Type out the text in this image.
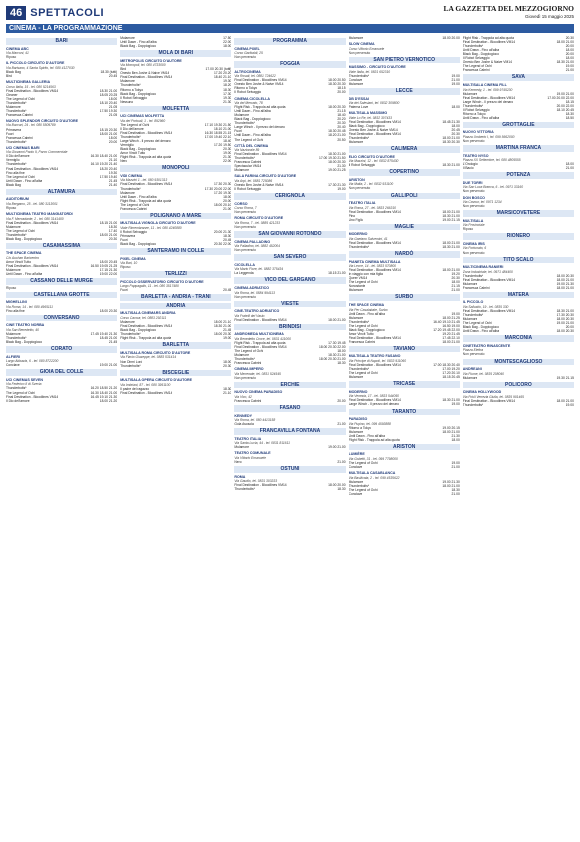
46 SPETTACOLI	LA GAZZETTA DEL MEZZOGIORNO
Giovedì 15 maggio 2025
CINEMA - LA PROGRAMMAZIONE
BARI
CINEMA ABC
Via Marconi, 41
Riposo
IL PICCOLO CIRCUITO D'AUTORE
Via Barisano, 4 Santa Spirito, tel. 080 4127030
Black Bag	18.30 (tutti)
Bird	20.45
MULTICINEMA GALLERIA
Corso Italia, 15 - tel. 080 5214563
Final Destination - Bloodlines VM14	18.30 21.00
Cleaner	18.05 20.25
The Legend of Ochi	18.00
Thunderbolts*	18.10 20.40
Mulamore	21.05
Thunderbolts*	17.50 19.30
Francesca Cabrini	21.05
NUOVO SPLENDOR CIRCUITO D'AUTORE
Via Buccari, 24 - tel. 080 5509789
Primavera	18.15 20.30
Fuori	18.00 21.00
Francesca Cabrini	18.00
Thunderbolts*	20.00
UCI CINEMAS BARI
Via Giovanni Paolo II, Parco Commerciale
Il Dio dell'amore	16.30 18.40 21.00
Vermiglio	21.10
Thunderbolts*	16.10 19.20 21.40
Final Destination - Bloodlines VM14	18.20 20.40
Fino alla fine	19.30
The Legend of Ochi	17.50 19.40
Until Dawn - Fino all'alba	21.45
Black Bag	21.40
ALTAMURA
AUDITORIUM
Via Bergamo, 25 - tel. 080 3113001
Riposo
MULTICINEMA TEATRO MANGIATORDI
Via F. Mercadante, 2 - tel. 080 3141400
Final Destination - Bloodlines VM14	18.15 21.00
Mulamore	18.30
The Legend of Ochi	17.40
Thunderbolts*	18.00 21.00
Black Bag - Doppiogioco	20.30
CASAMASSIMA
THE SPACE CINEMA
C/o Auchan Baricentro
Amor Vincit Tutto	18.00 20.45
Final Destination - Bloodlines VM14	16.50 19.05 21.25
Mulamore	17.15 21.30
Until Dawn - Fino all'alba	19.00 22.00
CASSANO DELLE MURGE
Riposo
CASTELLANA GROTTE
MIGHELLINI
Via Roma, 14 - tel. 080 4965111
Fino alla fine	18.00 20.30
CONVERSANO
CINE TEATRO NORBA
Via San Benedetto, 40
Mulamore	17.45 19.40 21.30
Thunderbolts*	18.45 21.00
Black Bag - Doppiogioco	21.45
CORATO
ALFIERI
Largo Abbazia, 6 - tel. 080 8722200
Conclave	19.00 21.00
GIOIA DEL COLLE
UCI CINEMAS SEVEN
Via Federico II di Svevia
Thunderbolts*	16.20 18.50 21.20
The Legend of Ochi	16.30 18.40 21.00
Final Destination - Bloodlines VM14	16.45 19.10 21.30
Il Dio dell'amore	18.00 21.20
Mulamore	17.50
Until Dawn - Fino all'alba	22.00
Black Bag - Doppiogioco	18.00
MOLA DI BARI
METROPOLIS CIRCUITO D'AUTORE
Via Monopoli, tel. 080 4733000
Bird	17.00 20.30 (tutti)
Onesto Ben Joshe & Naive VM14	17.20 20.20
Final Destination - Bloodlines VM14	18.40 21.10
Mulamore	19.30
Thunderbolts*	18.20
Ritorno a Tokyo	18.30
Black Bag - Doppiogioco	17.30
Il Robot Selvaggio	19.30
Nessuno	21.30
MOLFETTA
UCI CINEMAS MOLFETTA
Via dei Portuali, 1 - tel. 892960
The Legend of Ochi	17.10 19.30 21.50
Il Dio dell'amore	18.10 21.00
Final Destination - Bloodlines VM14	16.30 18.55 21.15
Thunderbolts*	17.00 19.40 22.10
Large Winch - Il prezzo del denaro	18.40
Vermiglio	17.20 19.50
Black Bag - Doppiogioco	20.30
Amor Vincit Tutto	19.00
Flight Risk - Trappola ad alta quota	21.30
Nero	22.00
MONOPOLI
VIDI CINEMA
Via Mazzini 1 - tel. 080 9301313
Final Destination - Bloodlines VM14	17.30 20.30
Thunderbolts*	17.30 20.00 22.00
Mulamore	17.20 19.30
Until Dawn - Fino all'alba	18.00
Flight Risk - Trappola ad alta quota	20.00
The Legend of Ochi	18.00 20.10
Francesca Cabrini	21.00
POLIGNANO A MARE
MULTISALA VIGNOLA CIRCUITO D'AUTORE
Viale Rimembranze, 11 - tel. 080 4240880
Il Robot Selvaggio	20.00 21.30
Primavera	18.30
Fuori	20.45
Black Bag - Doppiogioco	20.30 22.00
SANTERAMO IN COLLE
PIXEL CINEMA
Via Bari, 10
Riposo
TERLIZZI
PICCOLO OSSERVATORIO CIRCUITO D'AUTORE
Largo Pappagallo, 11 - tel. 080 3517480
Fuori	20.45
BARLETTA - ANDRIA - TRANI
ANDRIA
MULTISALA CINEMARS ANDRIA
Corso Cavour, tel. 0883 292111
Mulamore	18.00 21.10
Final Destination - Bloodlines VM14	18.30 21.00
Black Bag - Doppiogioco	21.45
Thunderbolts*	18.00 20.30
Flight Risk - Trappola ad alta quota	19.00
BARLETTA
MULTISALA ROMA CIRCUITO D'AUTORE
Via Flavio Giuseppe, tel. 0883 531414
Non Dirmi Lord	18.00
Thunderbolts*	20.30
BISCEGLIE
MULTISALA OPERA CIRCUITO D'AUTORE
Via Imbriani, 87 - tel. 080 3951100
Il padre del ragazzo	18.30
Final Destination - Bloodlines VM14	21.10
PROGRAMMA
CINEMA PIXEL
Corso Garibaldi, 25
Non pervenuto
FOGGIA
ALTROCINEMA
Via Rosati, tel. 0881 724622
Final Destination - Bloodlines VM14	18.00 20.50
Onesto Ben Joshe & Naive VM14	18.30 20.30
Ritorno a Tokyo	18.15
Il Robot Selvaggio	20.00
CINEMA CICOLELLA
Via del Mercato, 78
Flight Risk - Trappola ad alta quota	18.00 20.30
Until Dawn - Fino all'alba	21.15
Mulamore	18.40
Black Bag - Doppiogioco	20.20
Thunderbolts*	20.30
Large Winch - Il prezzo del denaro	20.40
Fuori	18.30 20.45
Until Dawn - Fino all'alba	18.20 21.00
The Legend of Ochi	20.50
CITTÀ DEL CINEMA
Via Nazionale 89
Final Destination - Bloodlines VM14	18.30 21.00
Thunderbolts*	17.00 19.30 21.50
Francesca Cabrini	18.00 20.30
Spectacular VM14	21.30
Mulamore	19.00 21.25
SALA FARINA CIRCUITO D'AUTORE
Via Arpi, tel. 0881 725086
Onesto Ben Joshe & Naive VM14	17.30 21.30
Il Robot Selvaggio	19.00
CERIGNOLA
CORSO
Corso Roma, 7
Non pervenuto
ROMA CIRCUITO D'AUTORE
Via Roma, 7 - tel. 0885 421233
Non pervenuto
SAN GIOVANNI ROTONDO
CINEMA PALLADINO
Via Palladino, tel. 0882 452004
Non pervenuto
SAN SEVERO
CICOLELLA
Via Mario Fiore, tel. 0882 375434
La Leggenda	18.15 21.00
VICO DEL GARGANO
CINEMA ADRIATICO
Via Roma, tel. 0884 994113
Non pervenuto
VIESTE
CINE-TEATRO ADRIATICO
Via Fratelli del Vasto
Final Destination - Bloodlines VM14	18.00 21.00
BRINDISI
ANDROMEDA MULTICINEMA
Via Benedetto Croce, tel. 0831 411000
Flight Risk - Trappola ad alta quota	17.30 19.45
Final Destination - Bloodlines VM14	18.00 20.30 22.00
The Legend of Ochi	18.00
Mulamore	18.30 21.00
Thunderbolts*	18.00 20.30 21.00
Francesca Cabrini	18.30
CINEMA IMPERO
Via Mecenate, tel. 0831 524545
Non pervenuto
ERCHIE
NUOVO CINEMA PARADISO
Via Vico, 42
Francesca Cabrini	20.00
FASANO
KENNEDY
Via Roma, tel. 080 4413158
Gola Asosola	21.00
FRANCAVILLA FONTANA
TEATRO ITALIA
Via Santa Lucia, 44 - tel. 0831 811611
Mulamore	19.00 21.00
TEATRO COMUNALE
Via Vittorio Emanuele
Nero	21.00
OSTUNI
ROMA
Via Gaudio, tel. 0831 303333
Final Destination - Bloodlines VM14	18.00 20.00
Thunderbolts*	18.30
Mulamore	18.00 20.00
SLOW CINEMA
Corso Vittorio Emanuele
Non pervenuto
SAN PIETRO VERNOTICO
MASSIMO - CIRCUITO D'AUTORE
Viale Italia, tel. 0831 652310
Thunderbolts*	19.00
Conclave	21.00
Mulamore	19.00
LECCE
DB D'ESSAI
Via dei Salesiani, tel. 0832 309800
Paterna Love	18.00
MULTISALA MASSIMO
Viale Lo Re, tel. 0832 307433
Final Destination - Bloodlines VM14	18.45 21.30
Black Bag - Doppiogioco	18.00
Onesto Ben Joshe & Naive VM14	20.45
Final Destination - Bloodlines VM14	20.30
Thunderbolts*	18.00 21.00
Mulamore	18.30 20.30
CALIMERA
ELIO CIRCUITO D'AUTORE
Via Mazzini, 12 - tel. 0832 875430
Il Robot Selvaggio	18.30 21.00
COPERTINO
ARISTON
Via Malta, 2 - tel. 0832 931100
Non pervenuto
GALLIPOLI
TEATRO ITALIA
Via Roma, 27 - tel. 0833 266310
Final Destination - Bloodlines VM14	18.00 21.00
Pino	18.30 21.00
Uno Figlio	19.00 21.15
MAGLIE
MODERNO
Via Gaetano Salvemini, 41
Final Destination - Bloodlines VM14	18.00 21.00
Thunderbolts*	18.30 21.00
NARDÒ
PIANETA CINEMA MULTISALA
Via Lecce, 14 - tel. 0833 570800
Final Destination - Bloodlines VM14	18.00 21.00
In viaggio con mia figlia	19.20
Queer VM14	20.30
The Legend of Ochi	18.00
Nonostante	21.15
Mulamore	21.00
SURBO
THE SPACE CINEMA
Via Per Casalabate, Surbo
Until Dawn - Fino all'alba	19.00
Mulamore	18.00 21.25
Thunderbolts*	16.40 19.10 21.45
The Legend of Ochi	16.50 19.00
Black Bag - Doppiogioco	17.20 19.45 22.00
Amor Vincit Tutto	19.20 21.45
Final Destination - Bloodlines VM14	17.45 22.10
Francesca Cabrini	18.00 21.00
TAVIANO
MULTISALA TEATRO FASANO
Via Principe di Napoli, tel. 0833 911060
Final Destination - Bloodlines VM14	17.00 18.30 20.40
Thunderbolts*	17.00 19.20
The Legend of Ochi	17.20 20.10
Mulamore	18.15 20.45
TRICASE
MODERNO
Via Venezia, 17 - tel. 0833 544050
Final Destination - Bloodlines VM14	18.30 21.00
Large Winch - Il prezzo del denaro	19.00
TARANTO
PARADISO
Via Pupino, tel. 099 4593888
Ritorno a Tokyo	19.00 20.15
Mulamore	18.00 21.00
Until Dawn - Fino all'alba	21.30
Flight Risk - Trappola ad alta quota	18.00
ARISTON
LUMIÈRE
Via Gobetti, 31 - tel. 099 7798000
The Legend of Ochi	19.00
Conclave	21.00
MULTISALA CASABLANCA
Via Basilicata, 2 - tel. 099 4535622
Mulamore	19.00 21.30
Thunderbolts*	18.00 21.00
The Legend of Ochi	18.30
Conclave	21.00
Flight Risk - Trappola ad alta quota	20.30
Final Destination - Bloodlines VM14	18.00 21.00
Thunderbolts*	20.00
Until Dawn - Fino all'alba	18.00
Black Bag - Doppiogioco	20.00
Il Robot Selvaggio	18.00
Onesto Ben Joshe & Naive VM14	18.30 21.00
The Legend of Ochi	19.00
Francesca Cabrini	21.00
SAVA
MULTISALA CINEMA FILL
Via Kennedy, 1 - tel. 099 9745230
Mulamore	19.00 21.00
Final Destination - Bloodlines VM14	17.00 20.00 22.00
Large Winch - Il prezzo del denaro	18.15
Thunderbolts*	20.00 22.00
Il Robot Selvaggio	18.10 20.45
Ritorno a Tokyo	18.30
Until Dawn - Fino all'alba	18.50
GROTTAGLIE
NUOVO VITTORIA
Piazza Umberto I, tel. 099 5662000
Non pervenuto
MARTINA FRANCA
TEATRO NYSO
Piazza XX Settembre, tel. 080 4805555
L'Orologio	18.00
Il Bacio	21.00
POTENZA
DUE TORRI
Via San Luca Branca, 6 - tel. 0971 33160
Non pervenuto
DON BOSCO
Via Cavour, tel. 0971 1234
Non pervenuto
MARSICOVETERE
MULTISALA
Via Provinciale
Riposo
RIONERO
CINEMA IRIS
Via Fortunato, 6
Non pervenuto
TITO SCALO
MULTICINEMA RANIERI
Zona Industriale, tel. 0971 484400
Thunderbolts*	18.00 20.30
Final Destination - Bloodlines VM14	18.00 21.00
Mulamore	19.00 21.30
Francesca Cabrini	18.00 21.00
MATERA
IL PICCOLO
Via Sallustio, 19 - tel. 0835 330
Final Destination - Bloodlines VM14	18.30 21.00
Thunderbolts*	17.30 20.30
Mulamore	18.00 20.30
The Legend of Ochi	19.00 21.00
Black Bag - Doppiogioco	20.00
Until Dawn - Fino all'alba	18.00 20.30
MARCONIA
CINETEATRO RINASCENTE
Piazza Elettra
Non pervenuto
MONTESCAGLIOSO
ANDREANI
Via Fiume, tel. 0835 208040
Mulamore	19.30 21.15
POLICORO
CINEMA HOLLYWOOD
Via Friuli Venezia Giulia, tel. 0835 901465
Final Destination - Bloodlines VM14	18.00 21.00
Thunderbolts*	19.00
